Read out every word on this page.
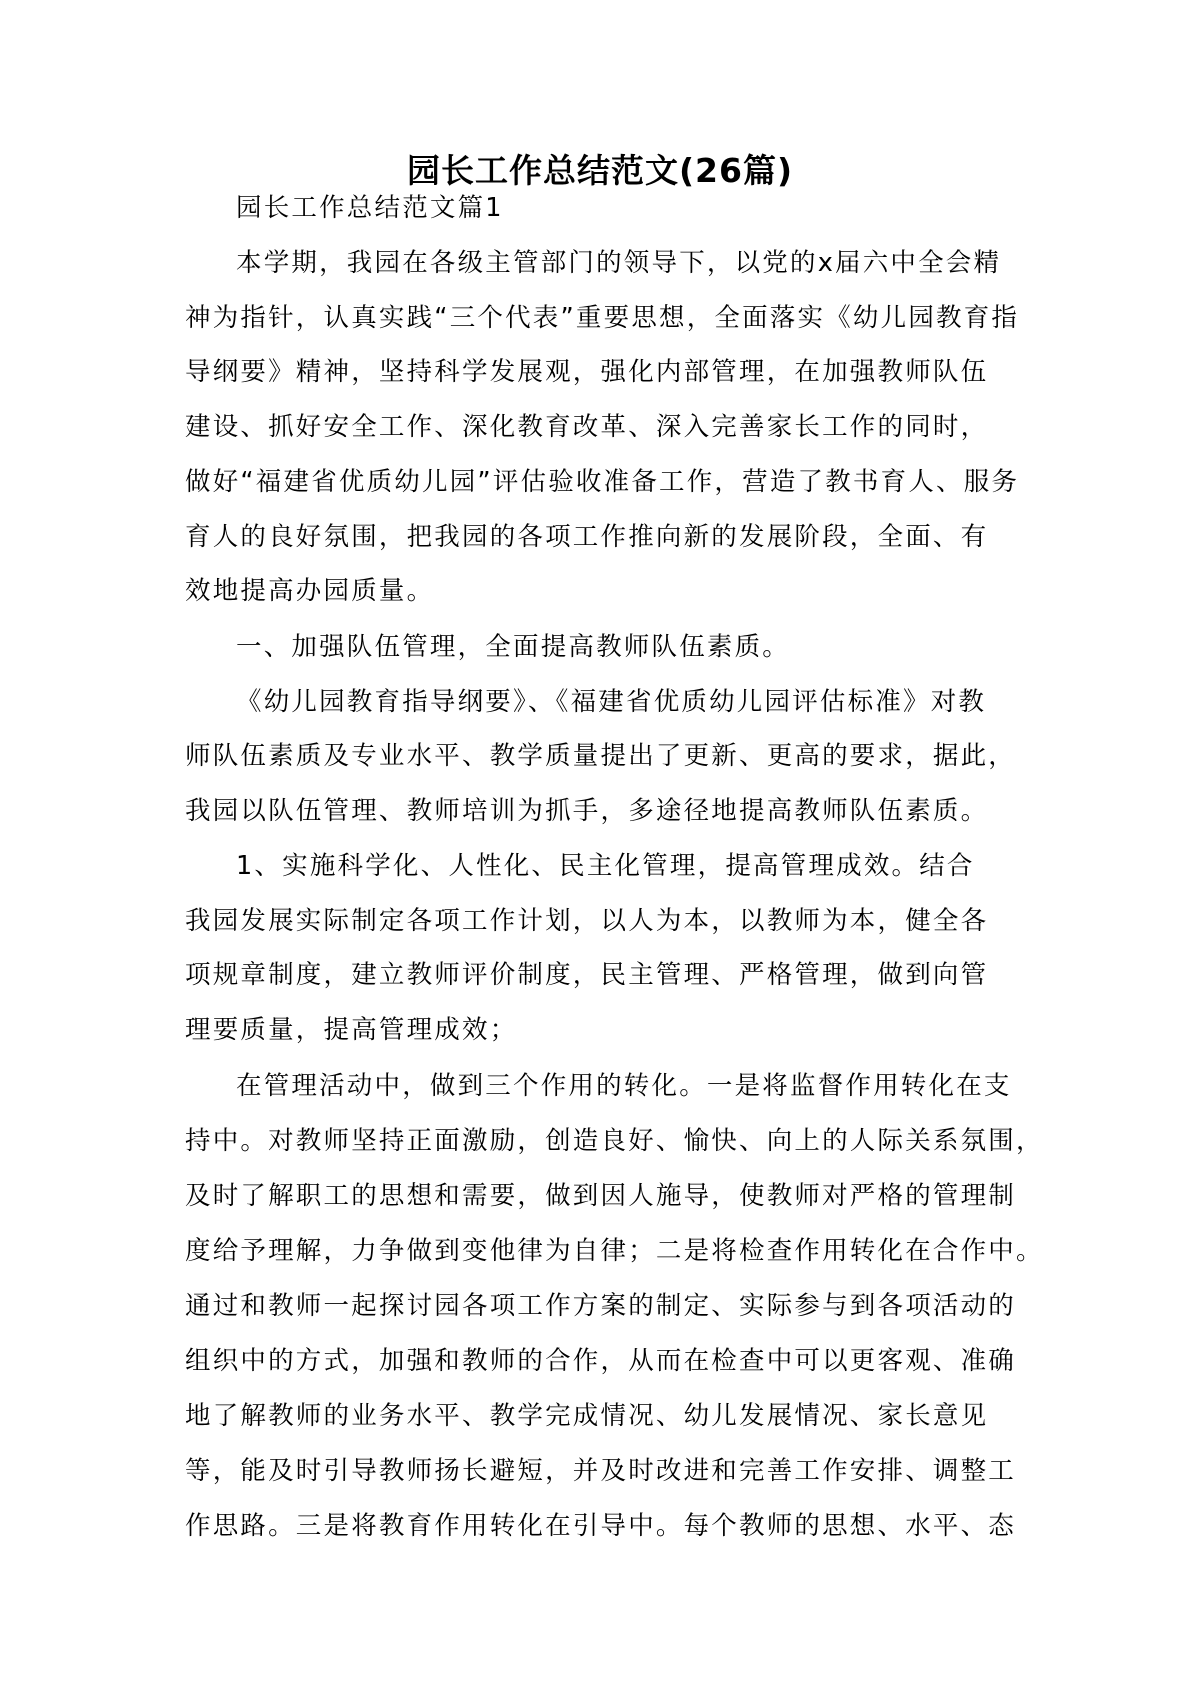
园长工作总结范文(26篇)

园长工作总结范文篇1

本学期，我园在各级主管部门的领导下，以党的x届六中全会精

神为指针，认真实践“三个代表”重要思想，全面落实《幼儿园教育指

导纲要》精神，坚持科学发展观，强化内部管理，在加强教师队伍

建设、抓好安全工作、深化教育改革、深入完善家长工作的同时，

做好“福建省优质幼儿园”评估验收准备工作，营造了教书育人、服务

育人的良好氛围，把我园的各项工作推向新的发展阶段，全面、有

效地提高办园质量。

一、加强队伍管理，全面提高教师队伍素质。

《幼儿园教育指导纲要》、《福建省优质幼儿园评估标准》对教

师队伍素质及专业水平、教学质量提出了更新、更高的要求，据此，

我园以队伍管理、教师培训为抓手，多途径地提高教师队伍素质。

1、实施科学化、人性化、民主化管理，提高管理成效。结合

我园发展实际制定各项工作计划，以人为本，以教师为本，健全各

项规章制度，建立教师评价制度，民主管理、严格管理，做到向管

理要质量，提高管理成效；

在管理活动中，做到三个作用的转化。一是将监督作用转化在支

持中。对教师坚持正面激励，创造良好、愉快、向上的人际关系氛围，

及时了解职工的思想和需要，做到因人施导，使教师对严格的管理制

度给予理解，力争做到变他律为自律；二是将检查作用转化在合作中。

通过和教师一起探讨园各项工作方案的制定、实际参与到各项活动的

组织中的方式，加强和教师的合作，从而在检查中可以更客观、准确

地了解教师的业务水平、教学完成情况、幼儿发展情况、家长意见

等，能及时引导教师扬长避短，并及时改进和完善工作安排、调整工

作思路。三是将教育作用转化在引导中。每个教师的思想、水平、态
